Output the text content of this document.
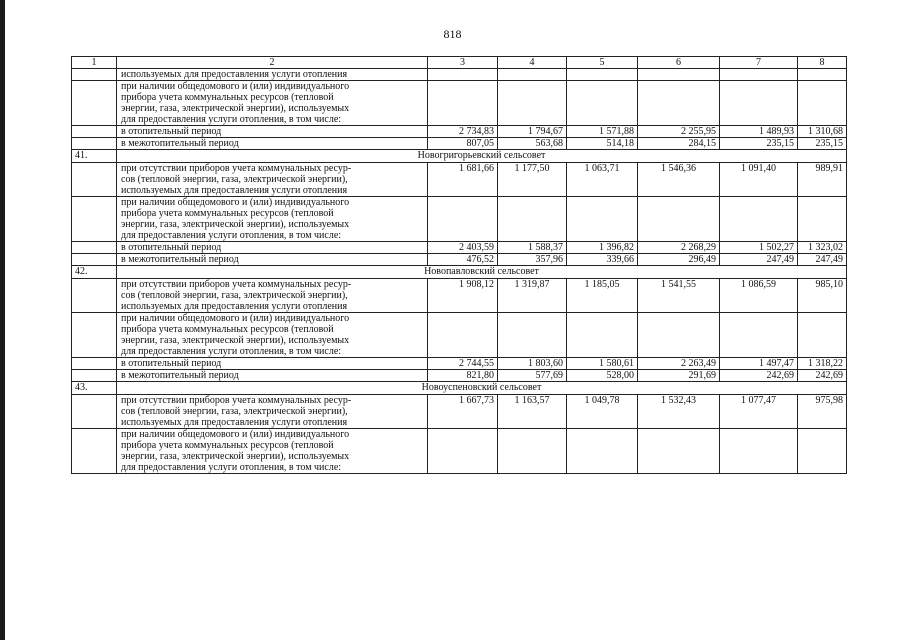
818
1	2	3	4	5	6	7	8
	используемых для предоставления услуги отопления						
	при наличии общедомового и (или) индивидуального
прибора учета коммунальных ресурсов (тепловой
энергии, газа, электрической энергии), используемых
для предоставления услуги отопления, в том числе:						
	в отопительный период	2 734,83	1 794,67	1 571,88	2 255,95	1 489,93	1 310,68
	в межотопительный период	807,05	563,68	514,18	284,15	235,15	235,15
41.	Новогригорьевский сельсовет						
	при отсутствии приборов учета коммунальных ресур-
сов (тепловой энергии, газа, электрической энергии),
используемых для предоставления услуги отопления	1 681,66	1 177,50	1 063,71	1 546,36	1 091,40	989,91
	при наличии общедомового и (или) индивидуального
прибора учета коммунальных ресурсов (тепловой
энергии, газа, электрической энергии), используемых
для предоставления услуги отопления, в том числе:						
	в отопительный период	2 403,59	1 588,37	1 396,82	2 268,29	1 502,27	1 323,02
	в межотопительный период	476,52	357,96	339,66	296,49	247,49	247,49
42.	Новопавловский сельсовет						
	при отсутствии приборов учета коммунальных ресур-
сов (тепловой энергии, газа, электрической энергии),
используемых для предоставления услуги отопления	1 908,12	1 319,87	1 185,05	1 541,55	1 086,59	985,10
	при наличии общедомового и (или) индивидуального
прибора учета коммунальных ресурсов (тепловой
энергии, газа, электрической энергии), используемых
для предоставления услуги отопления, в том числе:						
	в отопительный период	2 744,55	1 803,60	1 580,61	2 263,49	1 497,47	1 318,22
	в межотопительный период	821,80	577,69	528,00	291,69	242,69	242,69
43.	Новоуспеновский сельсовет						
	при отсутствии приборов учета коммунальных ресур-
сов (тепловой энергии, газа, электрической энергии),
используемых для предоставления услуги отопления	1 667,73	1 163,57	1 049,78	1 532,43	1 077,47	975,98
	при наличии общедомового и (или) индивидуального
прибора учета коммунальных ресурсов (тепловой
энергии, газа, электрической энергии), используемых
для предоставления услуги отопления, в том числе:						
